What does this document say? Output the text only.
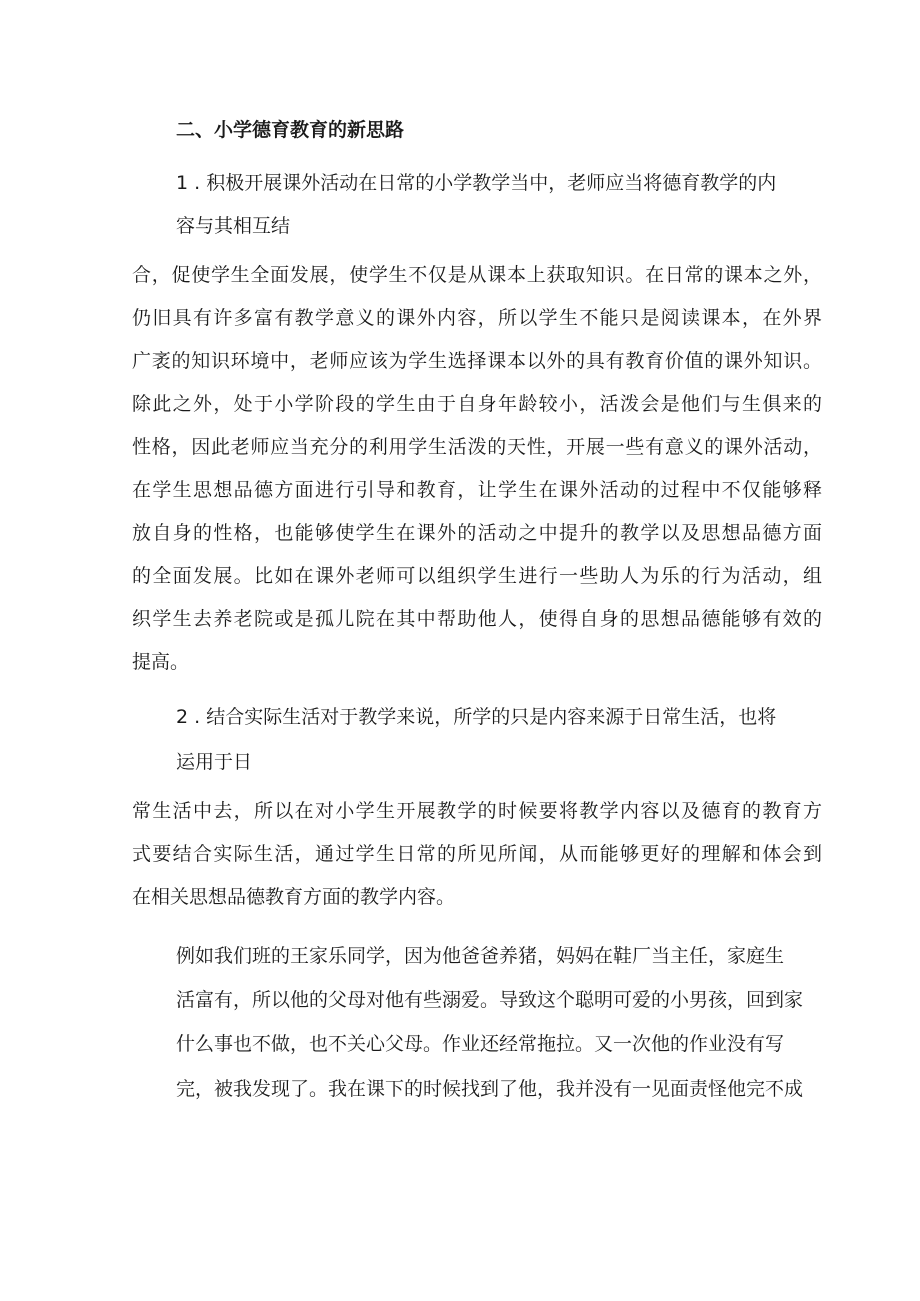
二、小学德育教育的新思路
1 . 积极开展课外活动在日常的小学教学当中，老师应当将德育教学的内
容与其相互结
合，促使学生全面发展，使学生不仅是从课本上获取知识。在日常的课本之外，
仍旧具有许多富有教学意义的课外内容，所以学生不能只是阅读课本，在外界
广袤的知识环境中，老师应该为学生选择课本以外的具有教育价值的课外知识。
除此之外，处于小学阶段的学生由于自身年龄较小，活泼会是他们与生俱来的
性格，因此老师应当充分的利用学生活泼的天性，开展一些有意义的课外活动，
在学生思想品德方面进行引导和教育，让学生在课外活动的过程中不仅能够释
放自身的性格，也能够使学生在课外的活动之中提升的教学以及思想品德方面
的全面发展。比如在课外老师可以组织学生进行一些助人为乐的行为活动，组
织学生去养老院或是孤儿院在其中帮助他人，使得自身的思想品德能够有效的
提高。
2 . 结合实际生活对于教学来说，所学的只是内容来源于日常生活，也将
运用于日
常生活中去，所以在对小学生开展教学的时候要将教学内容以及德育的教育方
式要结合实际生活，通过学生日常的所见所闻，从而能够更好的理解和体会到
在相关思想品德教育方面的教学内容。
例如我们班的王家乐同学，因为他爸爸养猪，妈妈在鞋厂当主任，家庭生
活富有，所以他的父母对他有些溺爱。导致这个聪明可爱的小男孩，回到家
什么事也不做，也不关心父母。作业还经常拖拉。又一次他的作业没有写
完，被我发现了。我在课下的时候找到了他，我并没有一见面责怪他完不成
